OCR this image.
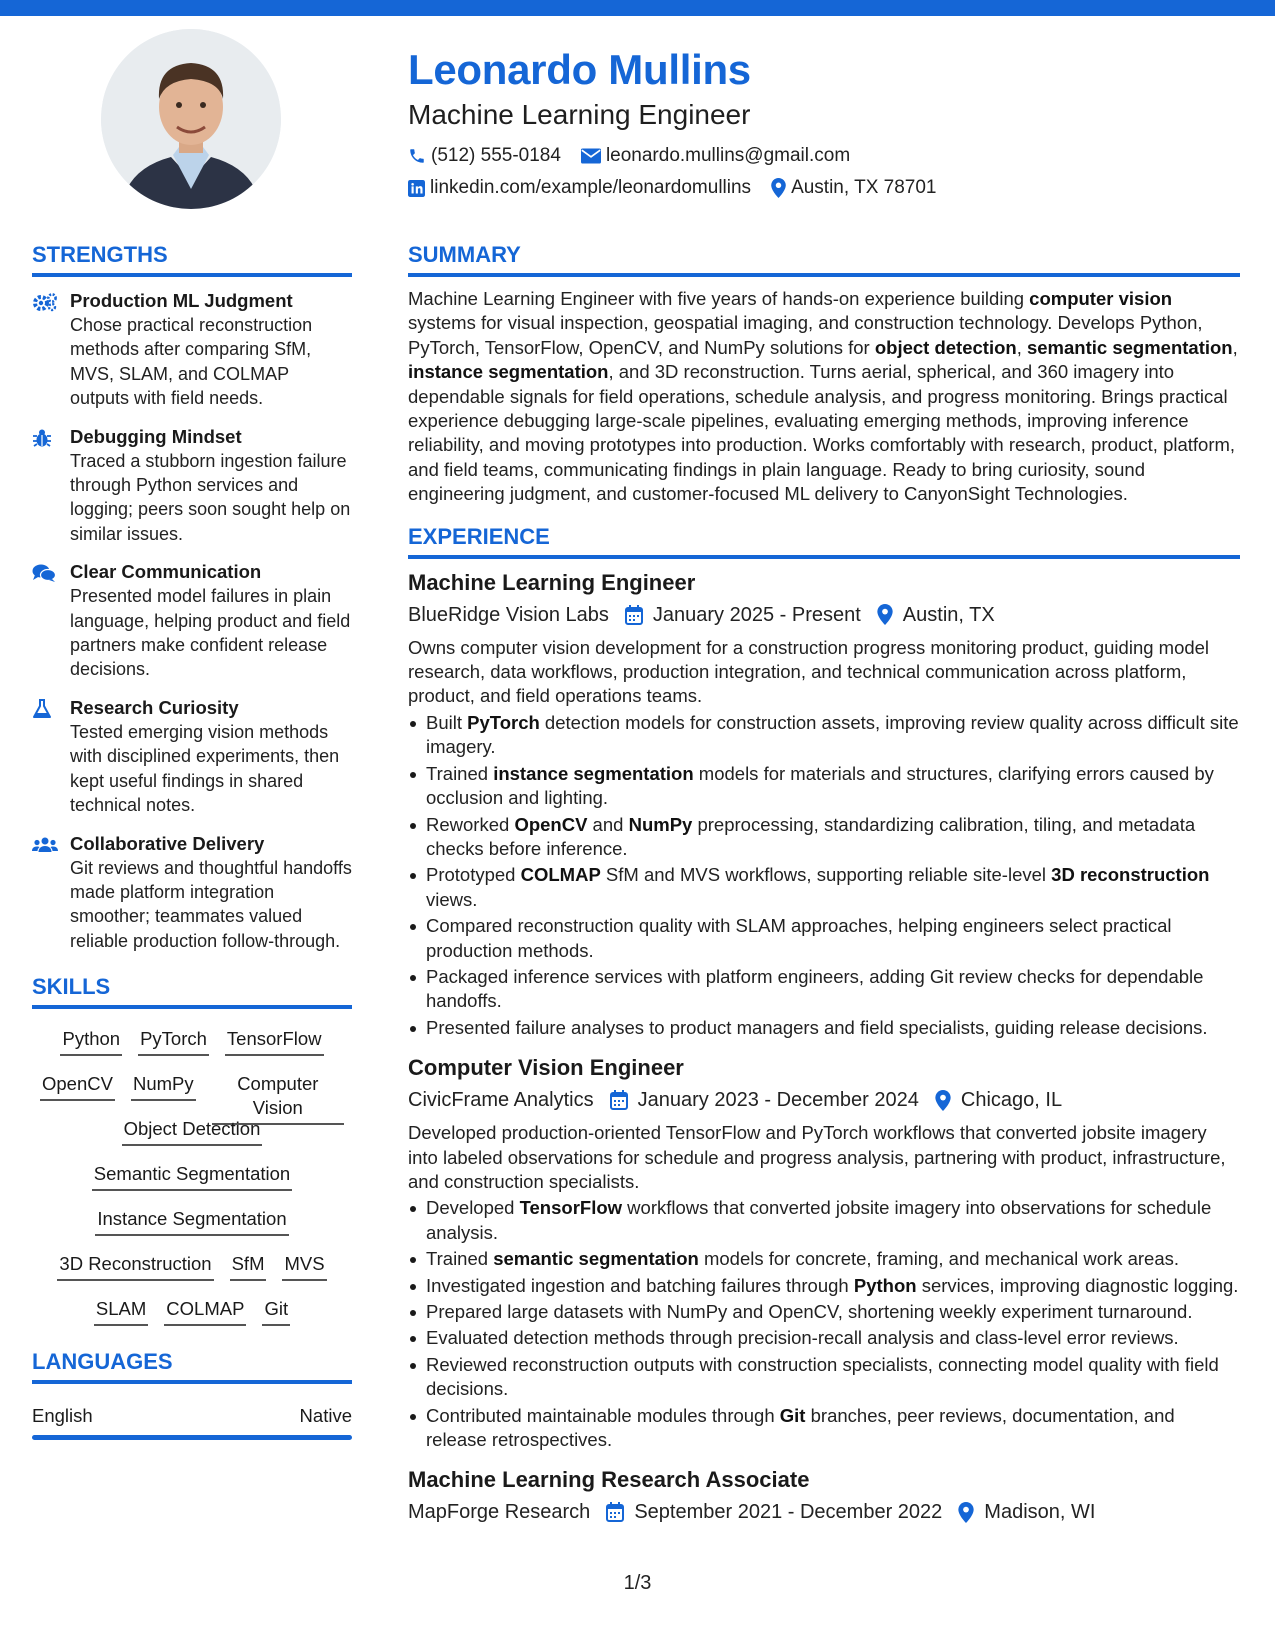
Leonardo Mullins
Machine Learning Engineer
(512) 555-0184 leonardo.mullins@gmail.com
linkedin.com/example/leonardomullins Austin, TX 78701
STRENGTHS
Production ML Judgment
Chose practical reconstruction methods after comparing SfM, MVS, SLAM, and COLMAP outputs with field needs.
Debugging Mindset
Traced a stubborn ingestion failure through Python services and logging; peers soon sought help on similar issues.
Clear Communication
Presented model failures in plain language, helping product and field partners make confident release decisions.
Research Curiosity
Tested emerging vision methods with disciplined experiments, then kept useful findings in shared technical notes.
Collaborative Delivery
Git reviews and thoughtful handoffs made platform integration smoother; teammates valued reliable production follow-through.
SKILLS
Python PyTorch TensorFlow
OpenCV NumPy	Computer Vision
Object Detection
Semantic Segmentation
Instance Segmentation
3D Reconstruction SfM MVS
SLAM COLMAP Git
LANGUAGES
English	Native
SUMMARY
Machine Learning Engineer with five years of hands-on experience building computer vision systems for visual inspection, geospatial imaging, and construction technology. Develops Python, PyTorch, TensorFlow, OpenCV, and NumPy solutions for object detection, semantic segmentation, instance segmentation, and 3D reconstruction. Turns aerial, spherical, and 360 imagery into dependable signals for field operations, schedule analysis, and progress monitoring. Brings practical experience debugging large-scale pipelines, evaluating emerging methods, improving inference reliability, and moving prototypes into production. Works comfortably with research, product, platform, and field teams, communicating findings in plain language. Ready to bring curiosity, sound engineering judgment, and customer-focused ML delivery to CanyonSight Technologies.
EXPERIENCE
Machine Learning Engineer
BlueRidge Vision Labs January 2025 - Present Austin, TX
Owns computer vision development for a construction progress monitoring product, guiding model research, data workflows, production integration, and technical communication across platform, product, and field operations teams.
Built PyTorch detection models for construction assets, improving review quality across difficult site imagery.
Trained instance segmentation models for materials and structures, clarifying errors caused by occlusion and lighting.
Reworked OpenCV and NumPy preprocessing, standardizing calibration, tiling, and metadata checks before inference.
Prototyped COLMAP SfM and MVS workflows, supporting reliable site-level 3D reconstruction views.
Compared reconstruction quality with SLAM approaches, helping engineers select practical production methods.
Packaged inference services with platform engineers, adding Git review checks for dependable handoffs.
Presented failure analyses to product managers and field specialists, guiding release decisions.
Computer Vision Engineer
CivicFrame Analytics January 2023 - December 2024 Chicago, IL
Developed production-oriented TensorFlow and PyTorch workflows that converted jobsite imagery into labeled observations for schedule and progress analysis, partnering with product, infrastructure, and construction specialists.
Developed TensorFlow workflows that converted jobsite imagery into observations for schedule analysis.
Trained semantic segmentation models for concrete, framing, and mechanical work areas.
Investigated ingestion and batching failures through Python services, improving diagnostic logging.
Prepared large datasets with NumPy and OpenCV, shortening weekly experiment turnaround.
Evaluated detection methods through precision-recall analysis and class-level error reviews.
Reviewed reconstruction outputs with construction specialists, connecting model quality with field decisions.
Contributed maintainable modules through Git branches, peer reviews, documentation, and release retrospectives.
Machine Learning Research Associate
MapForge Research September 2021 - December 2022 Madison, WI
1/3
